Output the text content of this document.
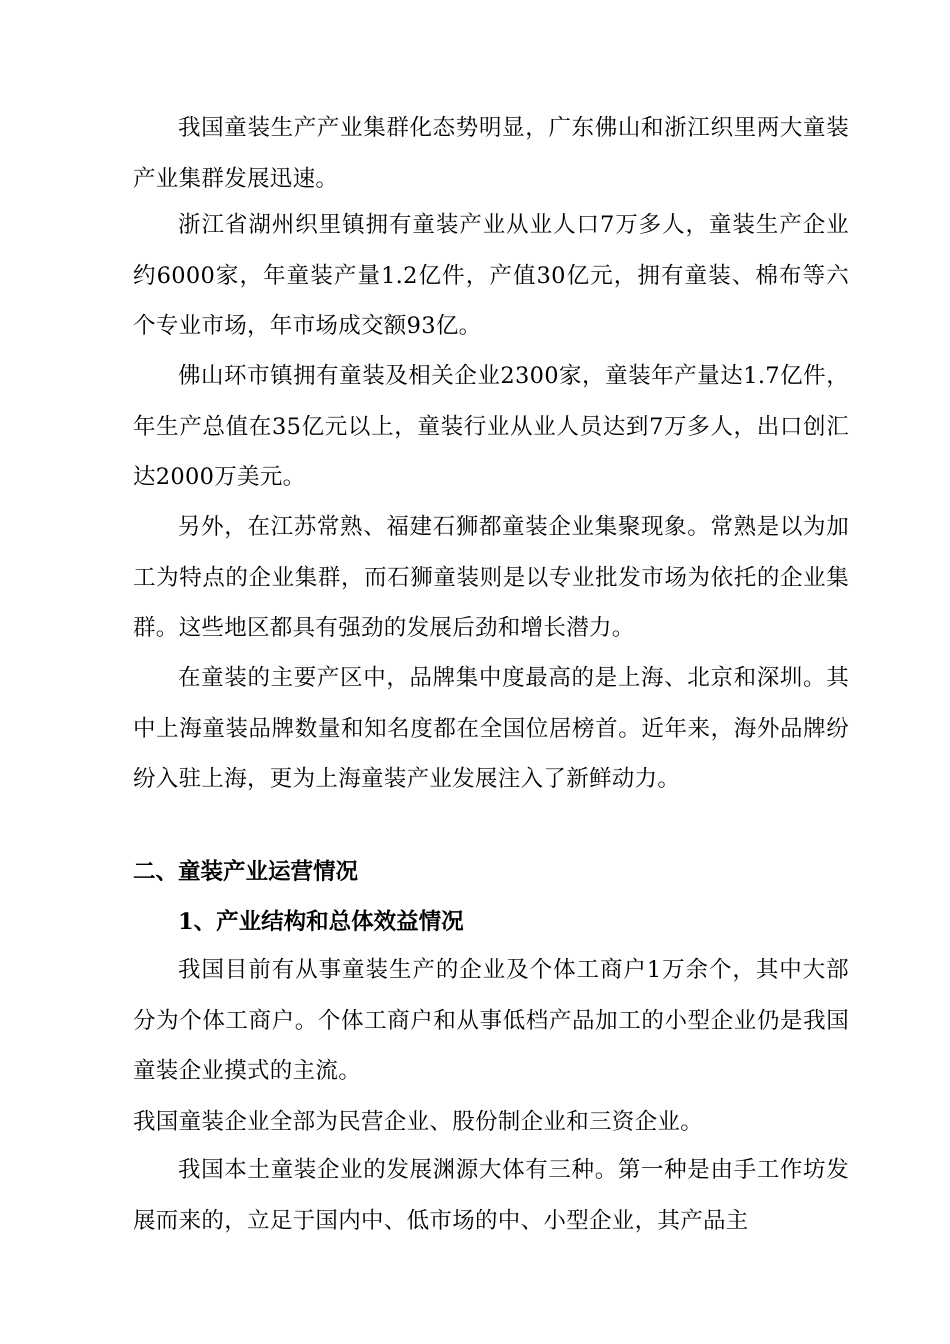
我国童装生产产业集群化态势明显，广东佛山和浙江织里两大童装产业集群发展迅速。

浙江省湖州织里镇拥有童装产业从业人口7万多人，童装生产企业约6000家，年童装产量1.2亿件，产值30亿元，拥有童装、棉布等六个专业市场，年市场成交额93亿。

佛山环市镇拥有童装及相关企业2300家，童装年产量达1.7亿件，年生产总值在35亿元以上，童装行业从业人员达到7万多人，出口创汇达2000万美元。

另外，在江苏常熟、福建石狮都童装企业集聚现象。常熟是以为加工为特点的企业集群，而石狮童装则是以专业批发市场为依托的企业集群。这些地区都具有强劲的发展后劲和增长潜力。

在童装的主要产区中，品牌集中度最高的是上海、北京和深圳。其中上海童装品牌数量和知名度都在全国位居榜首。近年来，海外品牌纷纷入驻上海，更为上海童装产业发展注入了新鲜动力。

二、童装产业运营情况
1、产业结构和总体效益情况

我国目前有从事童装生产的企业及个体工商户1万余个，其中大部分为个体工商户。个体工商户和从事低档产品加工的小型企业仍是我国童装企业摸式的主流。

我国童装企业全部为民营企业、股份制企业和三资企业。

我国本土童装企业的发展渊源大体有三种。第一种是由手工作坊发展而来的，立足于国内中、低市场的中、小型企业，其产品主
